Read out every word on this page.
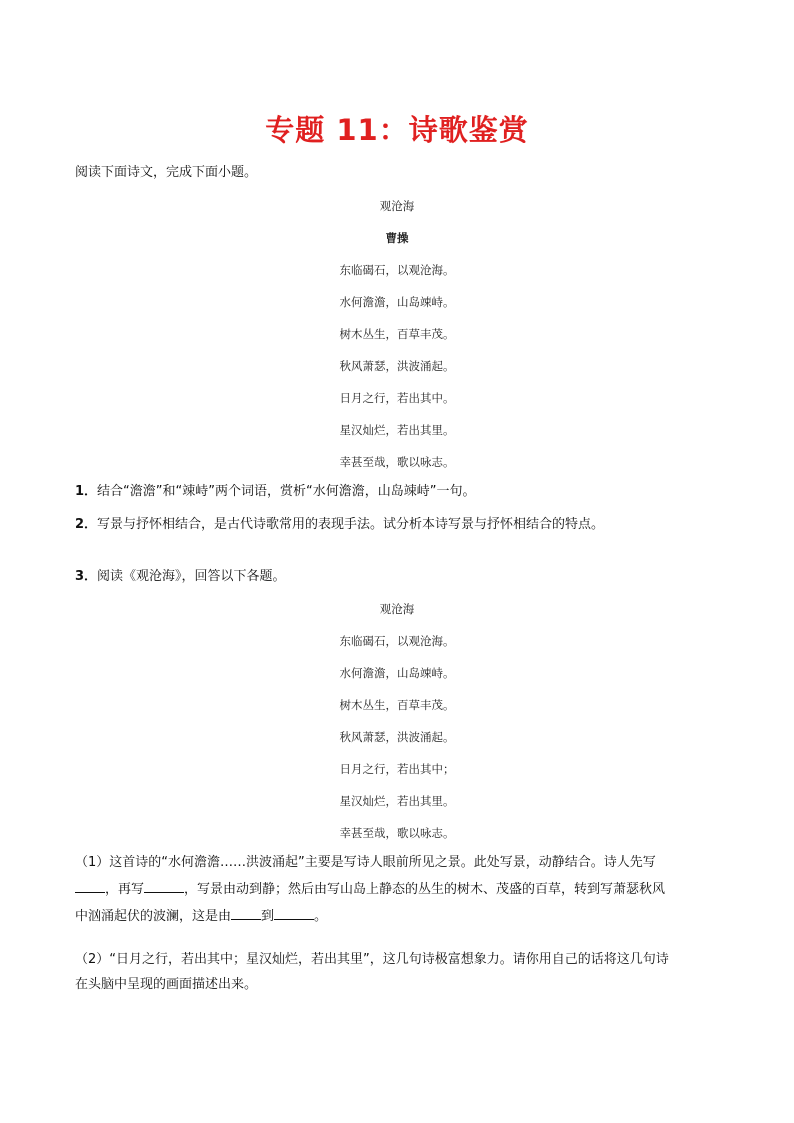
专题 11：诗歌鉴赏
阅读下面诗文，完成下面小题。
观沧海
曹操
东临碣石，以观沧海。
水何澹澹，山岛竦峙。
树木丛生，百草丰茂。
秋风萧瑟，洪波涌起。
日月之行，若出其中。
星汉灿烂，若出其里。
幸甚至哉，歌以咏志。
1．结合“澹澹”和“竦峙”两个词语，赏析“水何澹澹，山岛竦峙”一句。
2．写景与抒怀相结合，是古代诗歌常用的表现手法。试分析本诗写景与抒怀相结合的特点。
3．阅读《观沧海》，回答以下各题。
观沧海
东临碣石，以观沧海。
水何澹澹，山岛竦峙。
树木丛生，百草丰茂。
秋风萧瑟，洪波涌起。
日月之行，若出其中；
星汉灿烂，若出其里。
幸甚至哉，歌以咏志。
（1）这首诗的“水何澹澹……洪波涌起”主要是写诗人眼前所见之景。此处写景，动静结合。诗人先写
，再写	，写景由动到静；然后由写山岛上静态的丛生的树木、茂盛的百草，转到写萧瑟秋风
中汹涌起伏的波澜，这是由 到	。
（2）“日月之行，若出其中；星汉灿烂，若出其里”，这几句诗极富想象力。请你用自己的话将这几句诗
在头脑中呈现的画面描述出来。
